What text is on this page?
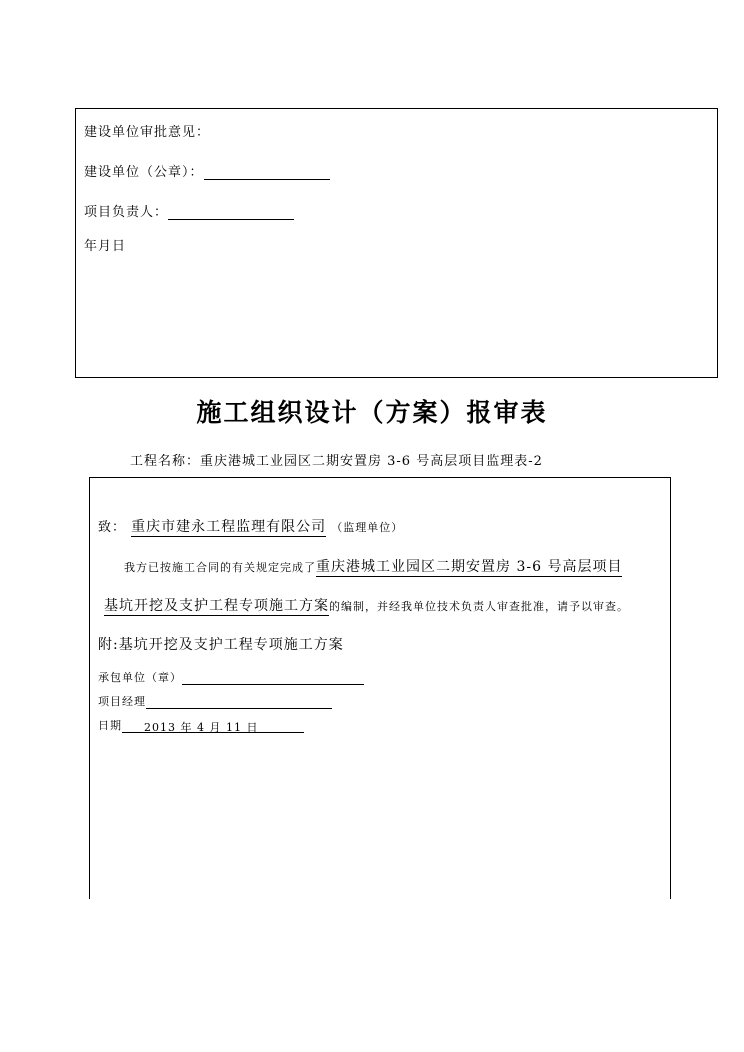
建设单位审批意见：
建设单位（公章）：
项目负责人：
年月日
施工组织设计（方案）报审表
工程名称：重庆港城工业园区二期安置房 3-6 号高层项目监理表-2
致： 重庆市建永工程监理有限公司 （监理单位）
我方已按施工合同的有关规定完成了重庆港城工业园区二期安置房 3-6 号高层项目
基坑开挖及支护工程专项施工方案的编制，并经我单位技术负责人审查批准，请予以审查。
附:基坑开挖及支护工程专项施工方案
承包单位（章）
项目经理
日期 2013 年 4 月 11 日
